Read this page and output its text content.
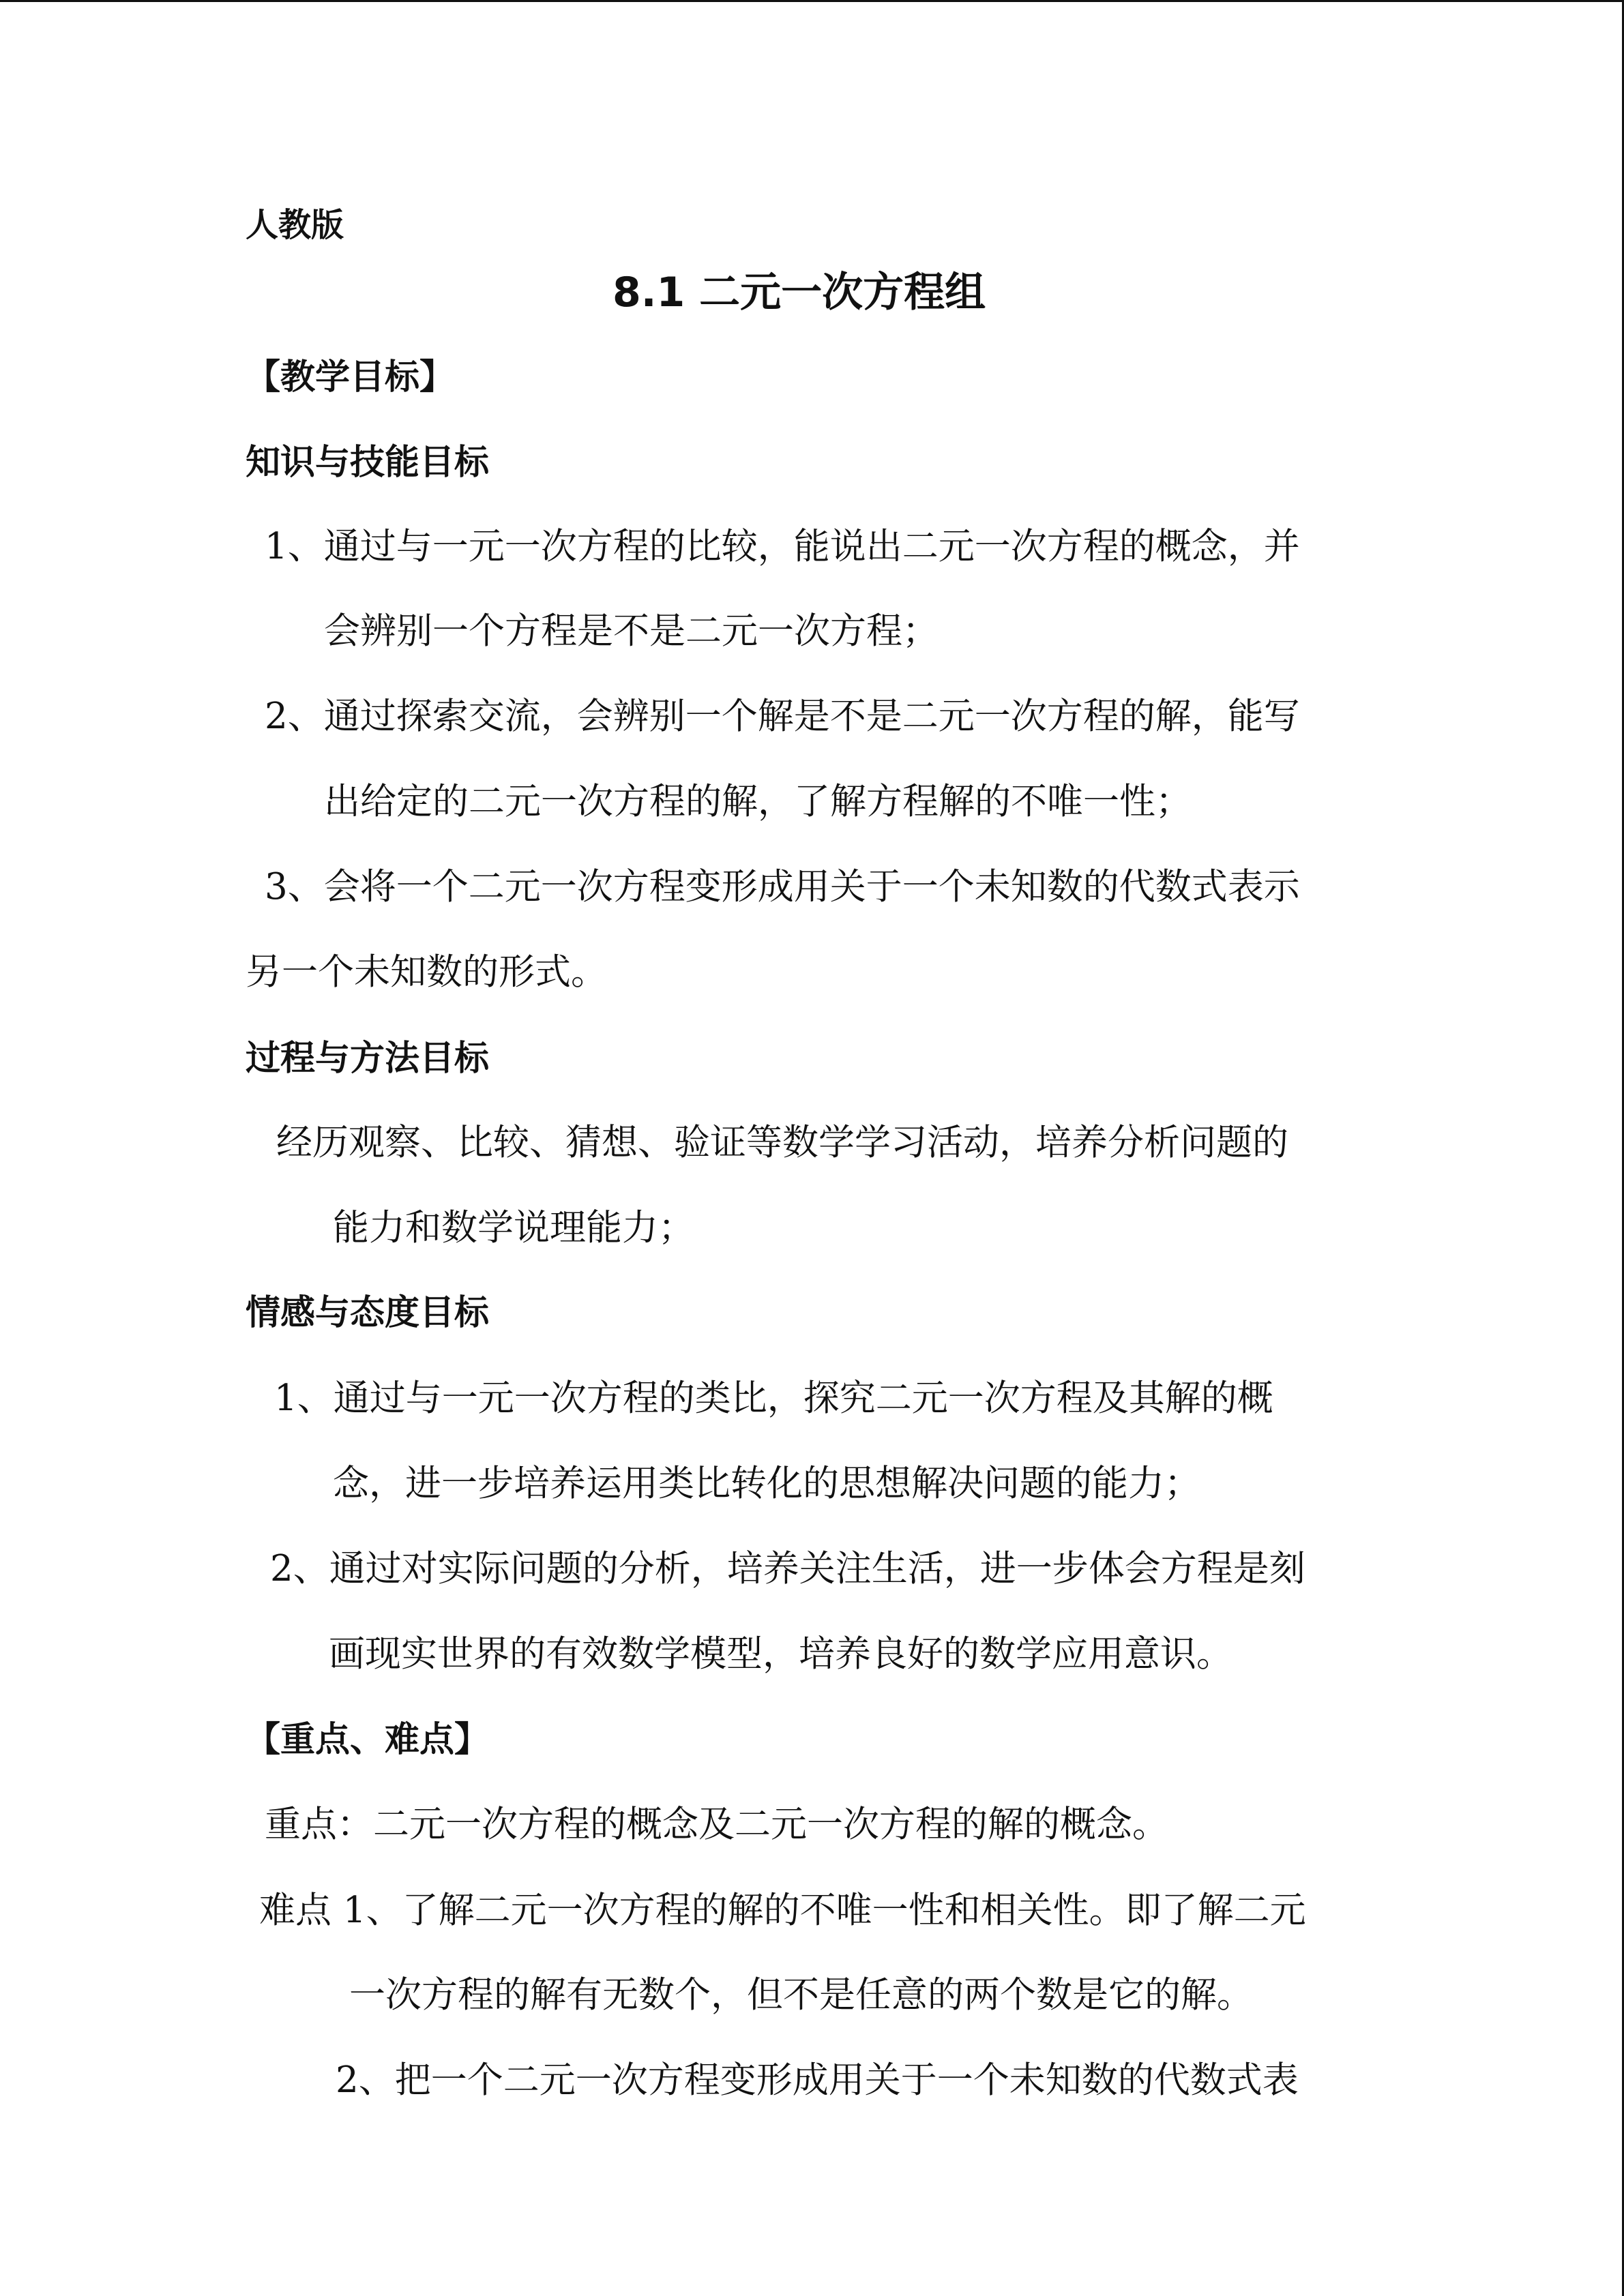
人教版
8.1 二元一次方程组
【教学目标】
知识与技能目标
1、通过与一元一次方程的比较，能说出二元一次方程的概念，并
会辨别一个方程是不是二元一次方程；
2、通过探索交流，会辨别一个解是不是二元一次方程的解，能写
出给定的二元一次方程的解，了解方程解的不唯一性；
3、会将一个二元一次方程变形成用关于一个未知数的代数式表示
另一个未知数的形式。
过程与方法目标
经历观察、比较、猜想、验证等数学学习活动，培养分析问题的
能力和数学说理能力；
情感与态度目标
1、通过与一元一次方程的类比，探究二元一次方程及其解的概
念，进一步培养运用类比转化的思想解决问题的能力；
2、通过对实际问题的分析，培养关注生活，进一步体会方程是刻
画现实世界的有效数学模型，培养良好的数学应用意识。
【重点、难点】
重点：二元一次方程的概念及二元一次方程的解的概念。
难点 1、了解二元一次方程的解的不唯一性和相关性。即了解二元
一次方程的解有无数个，但不是任意的两个数是它的解。
2、把一个二元一次方程变形成用关于一个未知数的代数式表
